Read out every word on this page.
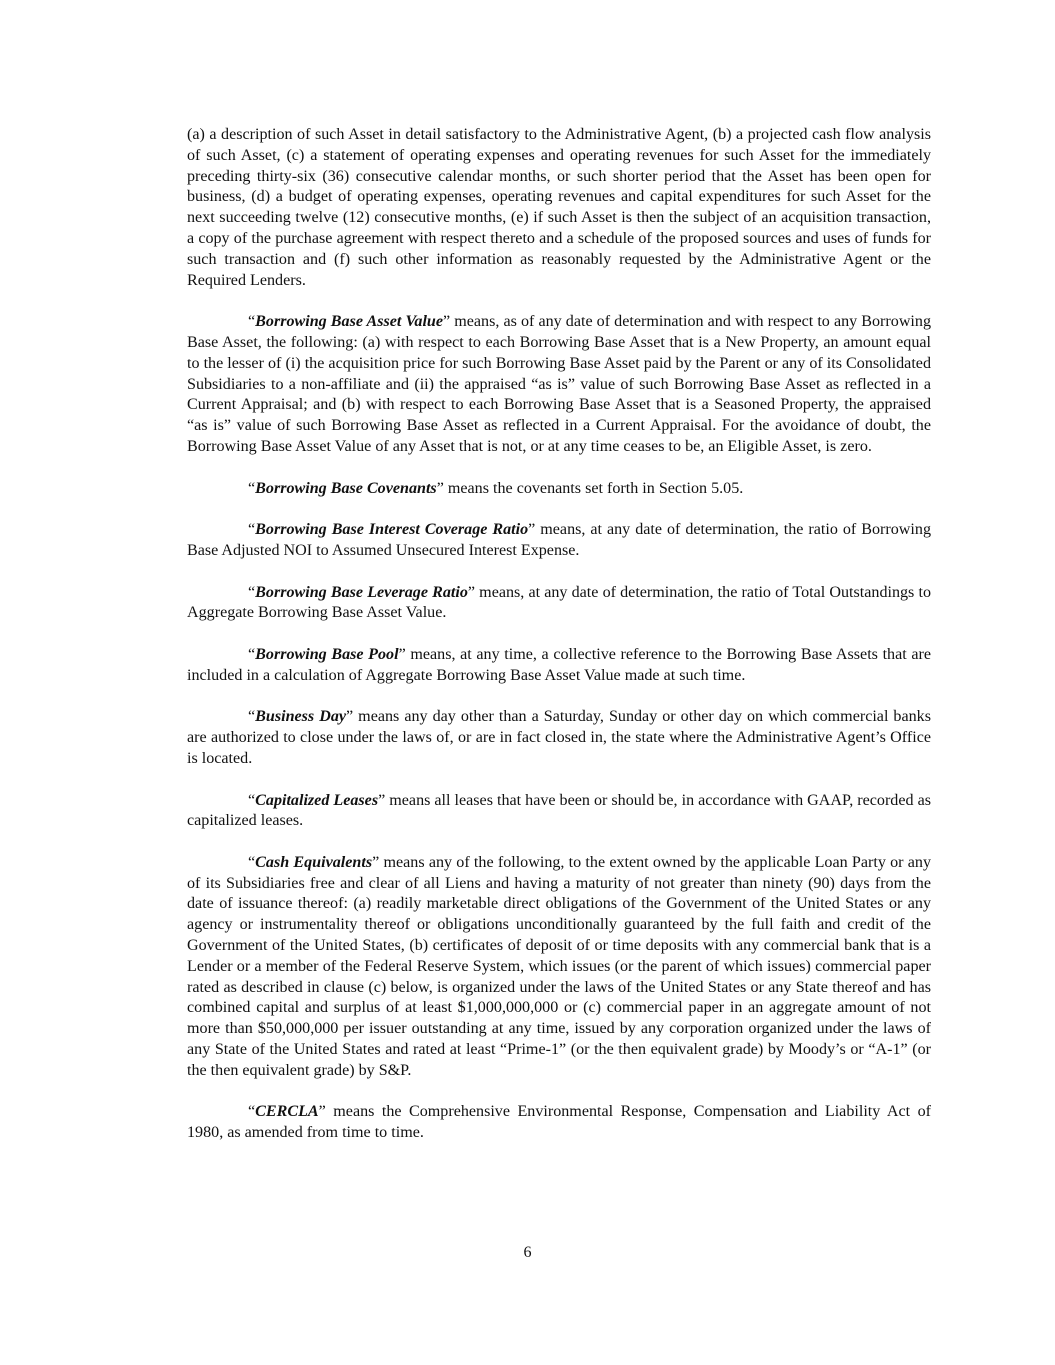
(a) a description of such Asset in detail satisfactory to the Administrative Agent, (b) a projected cash flow analysis of such Asset, (c) a statement of operating expenses and operating revenues for such Asset for the immediately preceding thirty-six (36) consecutive calendar months, or such shorter period that the Asset has been open for business, (d) a budget of operating expenses, operating revenues and capital expenditures for such Asset for the next succeeding twelve (12) consecutive months, (e) if such Asset is then the subject of an acquisition transaction, a copy of the purchase agreement with respect thereto and a schedule of the proposed sources and uses of funds for such transaction and (f) such other information as reasonably requested by the Administrative Agent or the Required Lenders.

“Borrowing Base Asset Value” means, as of any date of determination and with respect to any Borrowing Base Asset, the following: (a) with respect to each Borrowing Base Asset that is a New Property, an amount equal to the lesser of (i) the acquisition price for such Borrowing Base Asset paid by the Parent or any of its Consolidated Subsidiaries to a non-affiliate and (ii) the appraised “as is” value of such Borrowing Base Asset as reflected in a Current Appraisal; and (b) with respect to each Borrowing Base Asset that is a Seasoned Property, the appraised “as is” value of such Borrowing Base Asset as reflected in a Current Appraisal. For the avoidance of doubt, the Borrowing Base Asset Value of any Asset that is not, or at any time ceases to be, an Eligible Asset, is zero.

“Borrowing Base Covenants” means the covenants set forth in Section 5.05.

“Borrowing Base Interest Coverage Ratio” means, at any date of determination, the ratio of Borrowing Base Adjusted NOI to Assumed Unsecured Interest Expense.

“Borrowing Base Leverage Ratio” means, at any date of determination, the ratio of Total Outstandings to Aggregate Borrowing Base Asset Value.

“Borrowing Base Pool” means, at any time, a collective reference to the Borrowing Base Assets that are included in a calculation of Aggregate Borrowing Base Asset Value made at such time.

“Business Day” means any day other than a Saturday, Sunday or other day on which commercial banks are authorized to close under the laws of, or are in fact closed in, the state where the Administrative Agent’s Office is located.

“Capitalized Leases” means all leases that have been or should be, in accordance with GAAP, recorded as capitalized leases.

“Cash Equivalents” means any of the following, to the extent owned by the applicable Loan Party or any of its Subsidiaries free and clear of all Liens and having a maturity of not greater than ninety (90) days from the date of issuance thereof: (a) readily marketable direct obligations of the Government of the United States or any agency or instrumentality thereof or obligations unconditionally guaranteed by the full faith and credit of the Government of the United States, (b) certificates of deposit of or time deposits with any commercial bank that is a Lender or a member of the Federal Reserve System, which issues (or the parent of which issues) commercial paper rated as described in clause (c) below, is organized under the laws of the United States or any State thereof and has combined capital and surplus of at least $1,000,000,000 or (c) commercial paper in an aggregate amount of not more than $50,000,000 per issuer outstanding at any time, issued by any corporation organized under the laws of any State of the United States and rated at least “Prime-1” (or the then equivalent grade) by Moody’s or “A-1” (or the then equivalent grade) by S&P.

“CERCLA” means the Comprehensive Environmental Response, Compensation and Liability Act of 1980, as amended from time to time.

6
